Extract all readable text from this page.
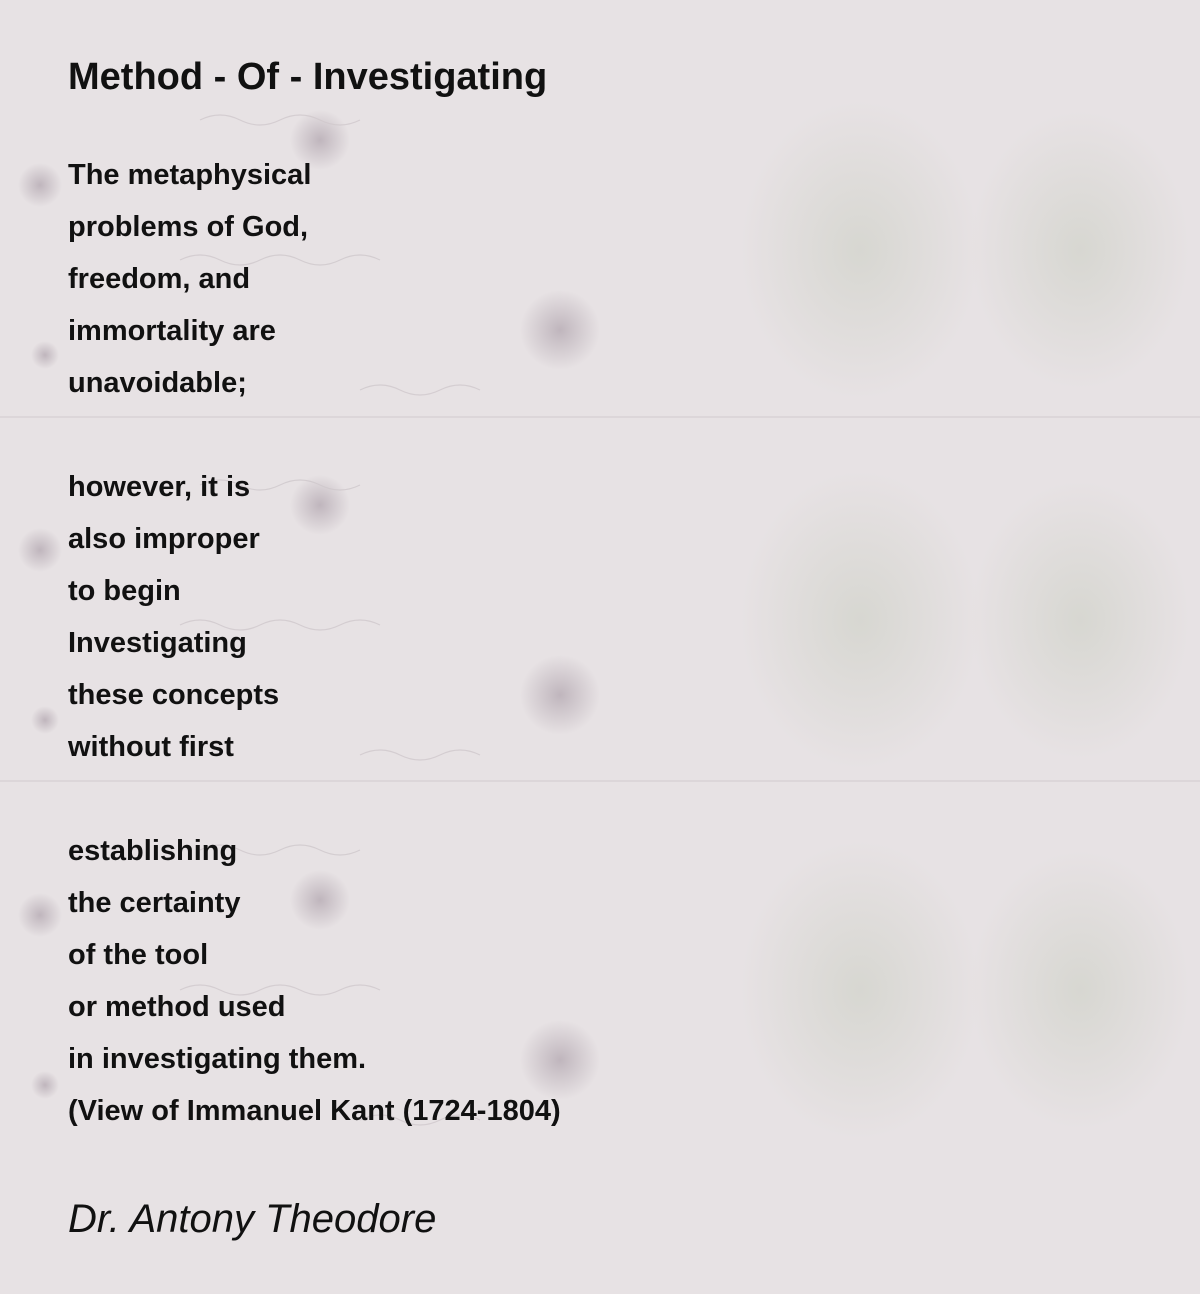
Method - Of - Investigating
The metaphysical
problems of God,
freedom, and
immortality are
unavoidable;
however, it is
also improper
to begin
Investigating
these concepts
without first
establishing
the certainty
of the tool
or method used
in investigating them.
(View of Immanuel Kant (1724-1804)

Dr. Antony Theodore
